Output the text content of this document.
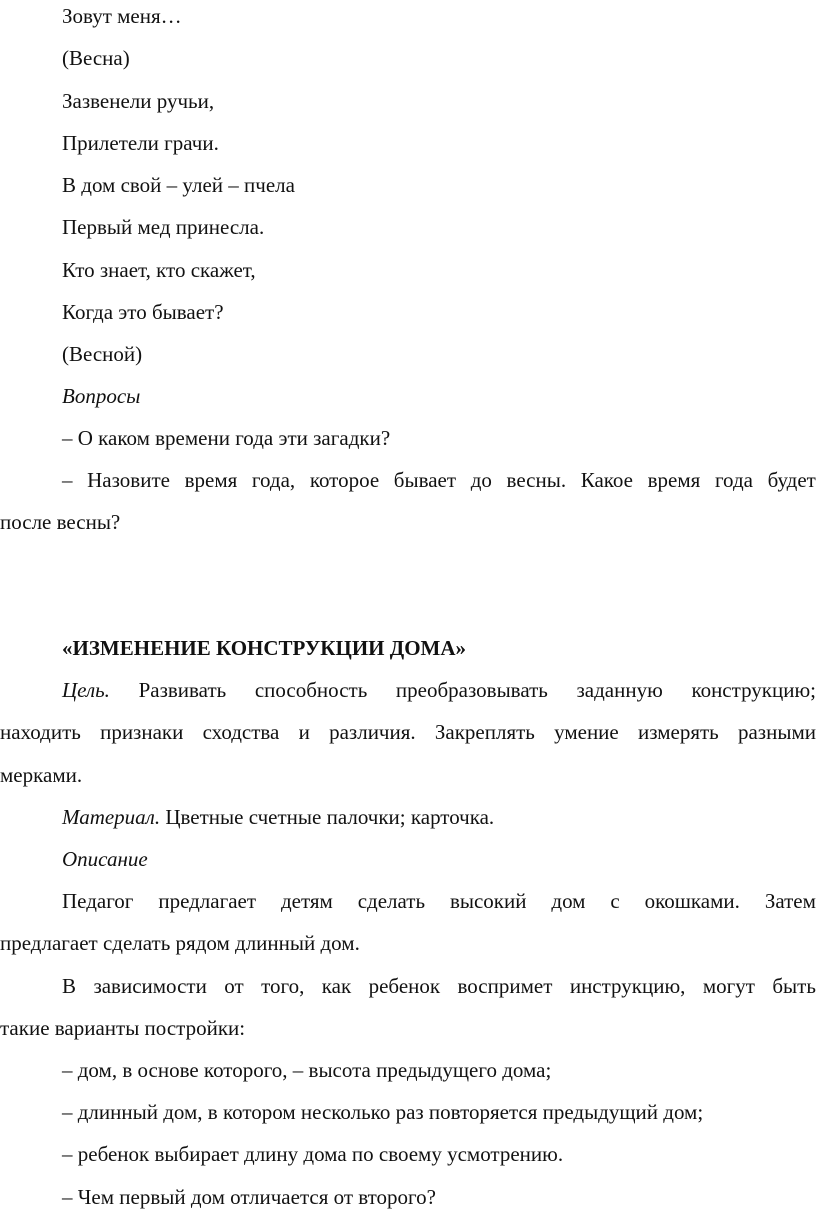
Зовут меня…
(Весна)
Зазвенели ручьи,
Прилетели грачи.
В дом свой – улей – пчела
Первый мед принесла.
Кто знает, кто скажет,
Когда это бывает?
(Весной)
Вопросы
– О каком времени года эти загадки?
– Назовите время года, которое бывает до весны. Какое время года будет
после весны?
«ИЗМЕНЕНИЕ КОНСТРУКЦИИ ДОМА»
Цель. Развивать способность преобразовывать заданную конструкцию;
находить признаки сходства и различия. Закреплять умение измерять разными
мерками.
Материал. Цветные счетные палочки; карточка.
Описание
Педагог предлагает детям сделать высокий дом с окошками. Затем
предлагает сделать рядом длинный дом.
В зависимости от того, как ребенок воспримет инструкцию, могут быть
такие варианты постройки:
– дом, в основе которого, – высота предыдущего дома;
– длинный дом, в котором несколько раз повторяется предыдущий дом;
– ребенок выбирает длину дома по своему усмотрению.
– Чем первый дом отличается от второго?
